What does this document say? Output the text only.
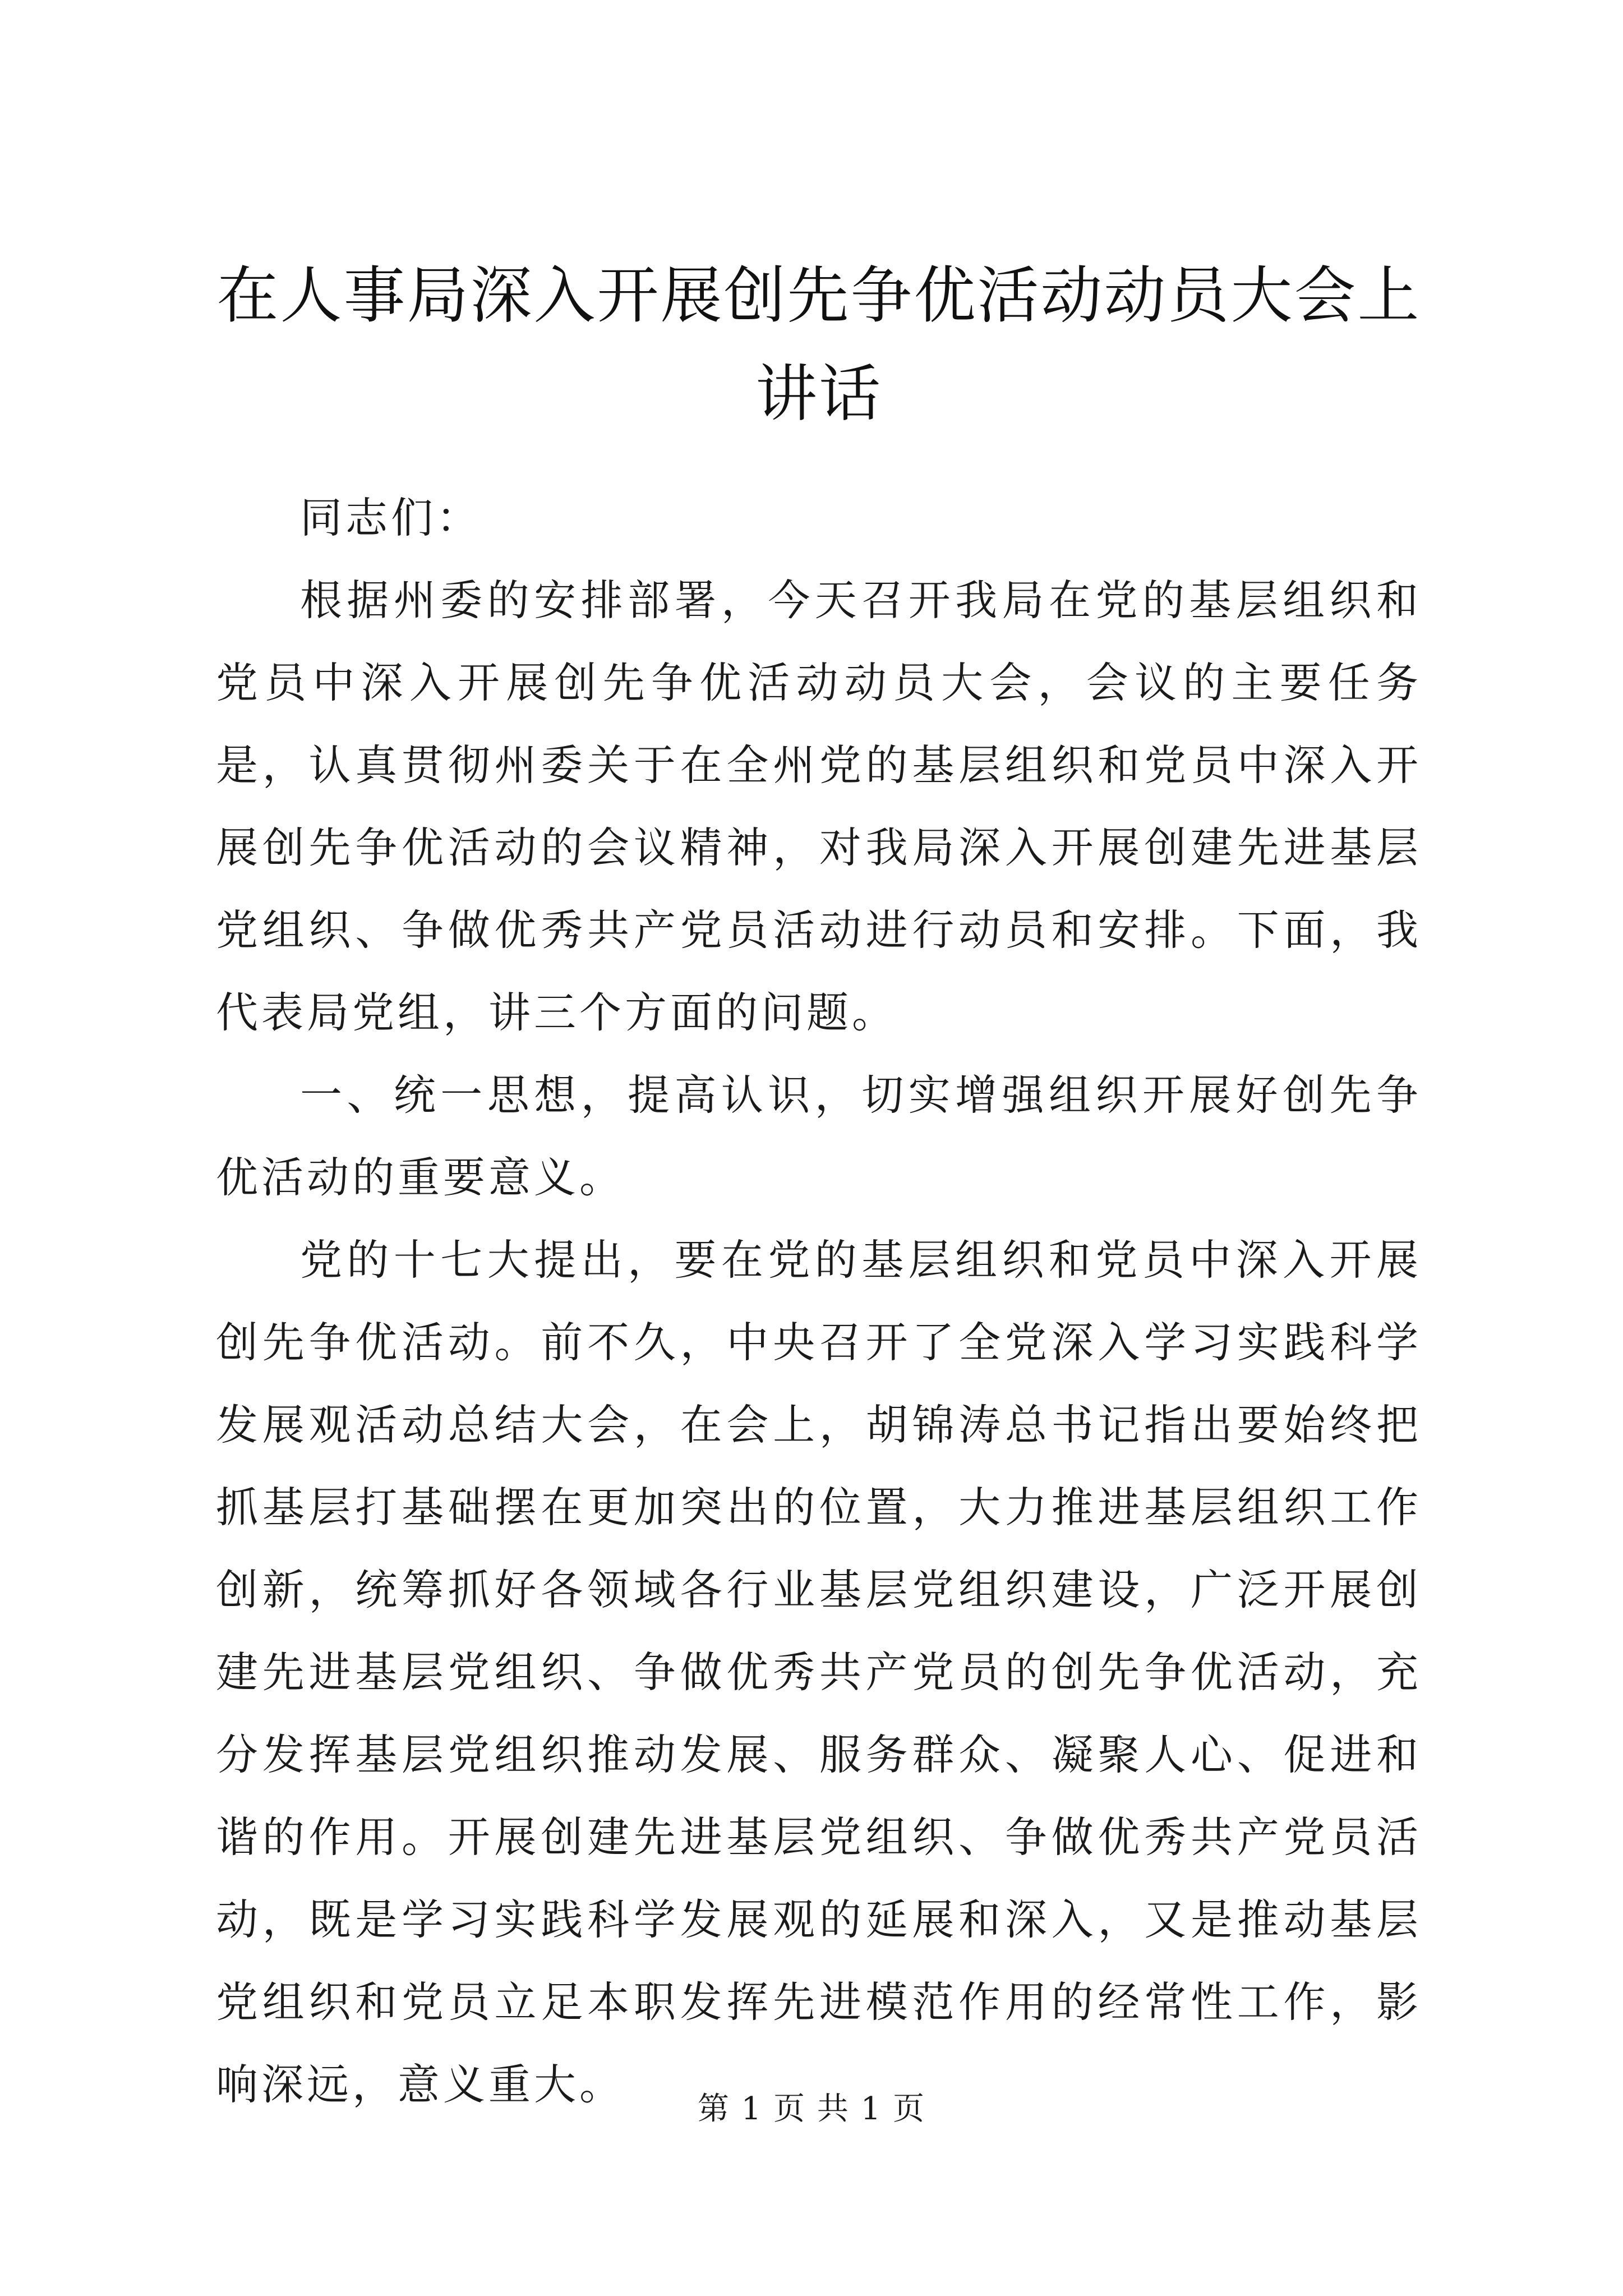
在人事局深入开展创先争优活动动员大会上讲话

同志们：

根据州委的安排部署，今天召开我局在党的基层组织和党员中深入开展创先争优活动动员大会，会议的主要任务是，认真贯彻州委关于在全州党的基层组织和党员中深入开展创先争优活动的会议精神，对我局深入开展创建先进基层党组织、争做优秀共产党员活动进行动员和安排。下面，我代表局党组，讲三个方面的问题。

一、统一思想，提高认识，切实增强组织开展好创先争优活动的重要意义。

党的十七大提出，要在党的基层组织和党员中深入开展创先争优活动。前不久，中央召开了全党深入学习实践科学发展观活动总结大会，在会上，胡锦涛总书记指出要始终把抓基层打基础摆在更加突出的位置，大力推进基层组织工作创新，统筹抓好各领域各行业基层党组织建设，广泛开展创建先进基层党组织、争做优秀共产党员的创先争优活动，充分发挥基层党组织推动发展、服务群众、凝聚人心、促进和谐的作用。开展创建先进基层党组织、争做优秀共产党员活动，既是学习实践科学发展观的延展和深入，又是推动基层党组织和党员立足本职发挥先进模范作用的经常性工作，影响深远，意义重大。	第 1 页 共 1 页
